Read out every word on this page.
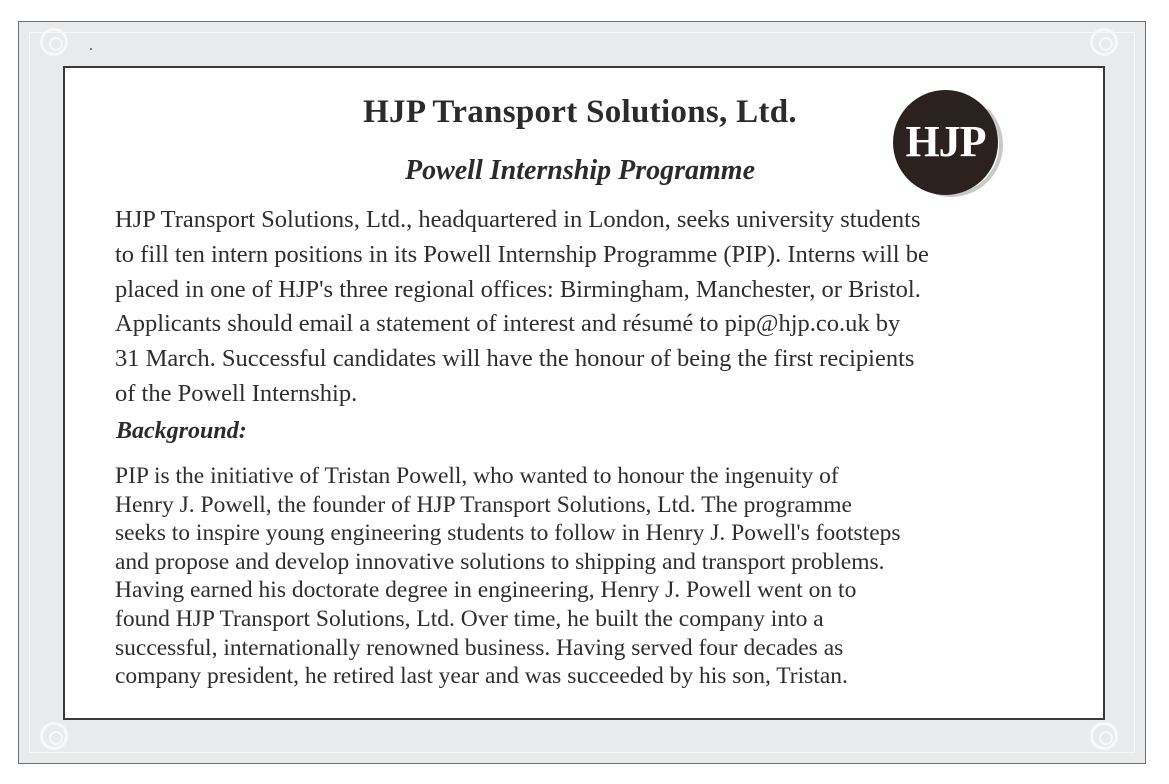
HJP Transport Solutions, Ltd.
Powell Internship Programme
HJP
HJP Transport Solutions, Ltd., headquartered in London, seeks university students
to fill ten intern positions in its Powell Internship Programme (PIP). Interns will be
placed in one of HJP's three regional offices: Birmingham, Manchester, or Bristol.
Applicants should email a statement of interest and résumé to pip@hjp.co.uk by
31 March. Successful candidates will have the honour of being the first recipients
of the Powell Internship.
Background:
PIP is the initiative of Tristan Powell, who wanted to honour the ingenuity of
Henry J. Powell, the founder of HJP Transport Solutions, Ltd. The programme
seeks to inspire young engineering students to follow in Henry J. Powell's footsteps
and propose and develop innovative solutions to shipping and transport problems.
Having earned his doctorate degree in engineering, Henry J. Powell went on to
found HJP Transport Solutions, Ltd. Over time, he built the company into a
successful, internationally renowned business. Having served four decades as
company president, he retired last year and was succeeded by his son, Tristan.
